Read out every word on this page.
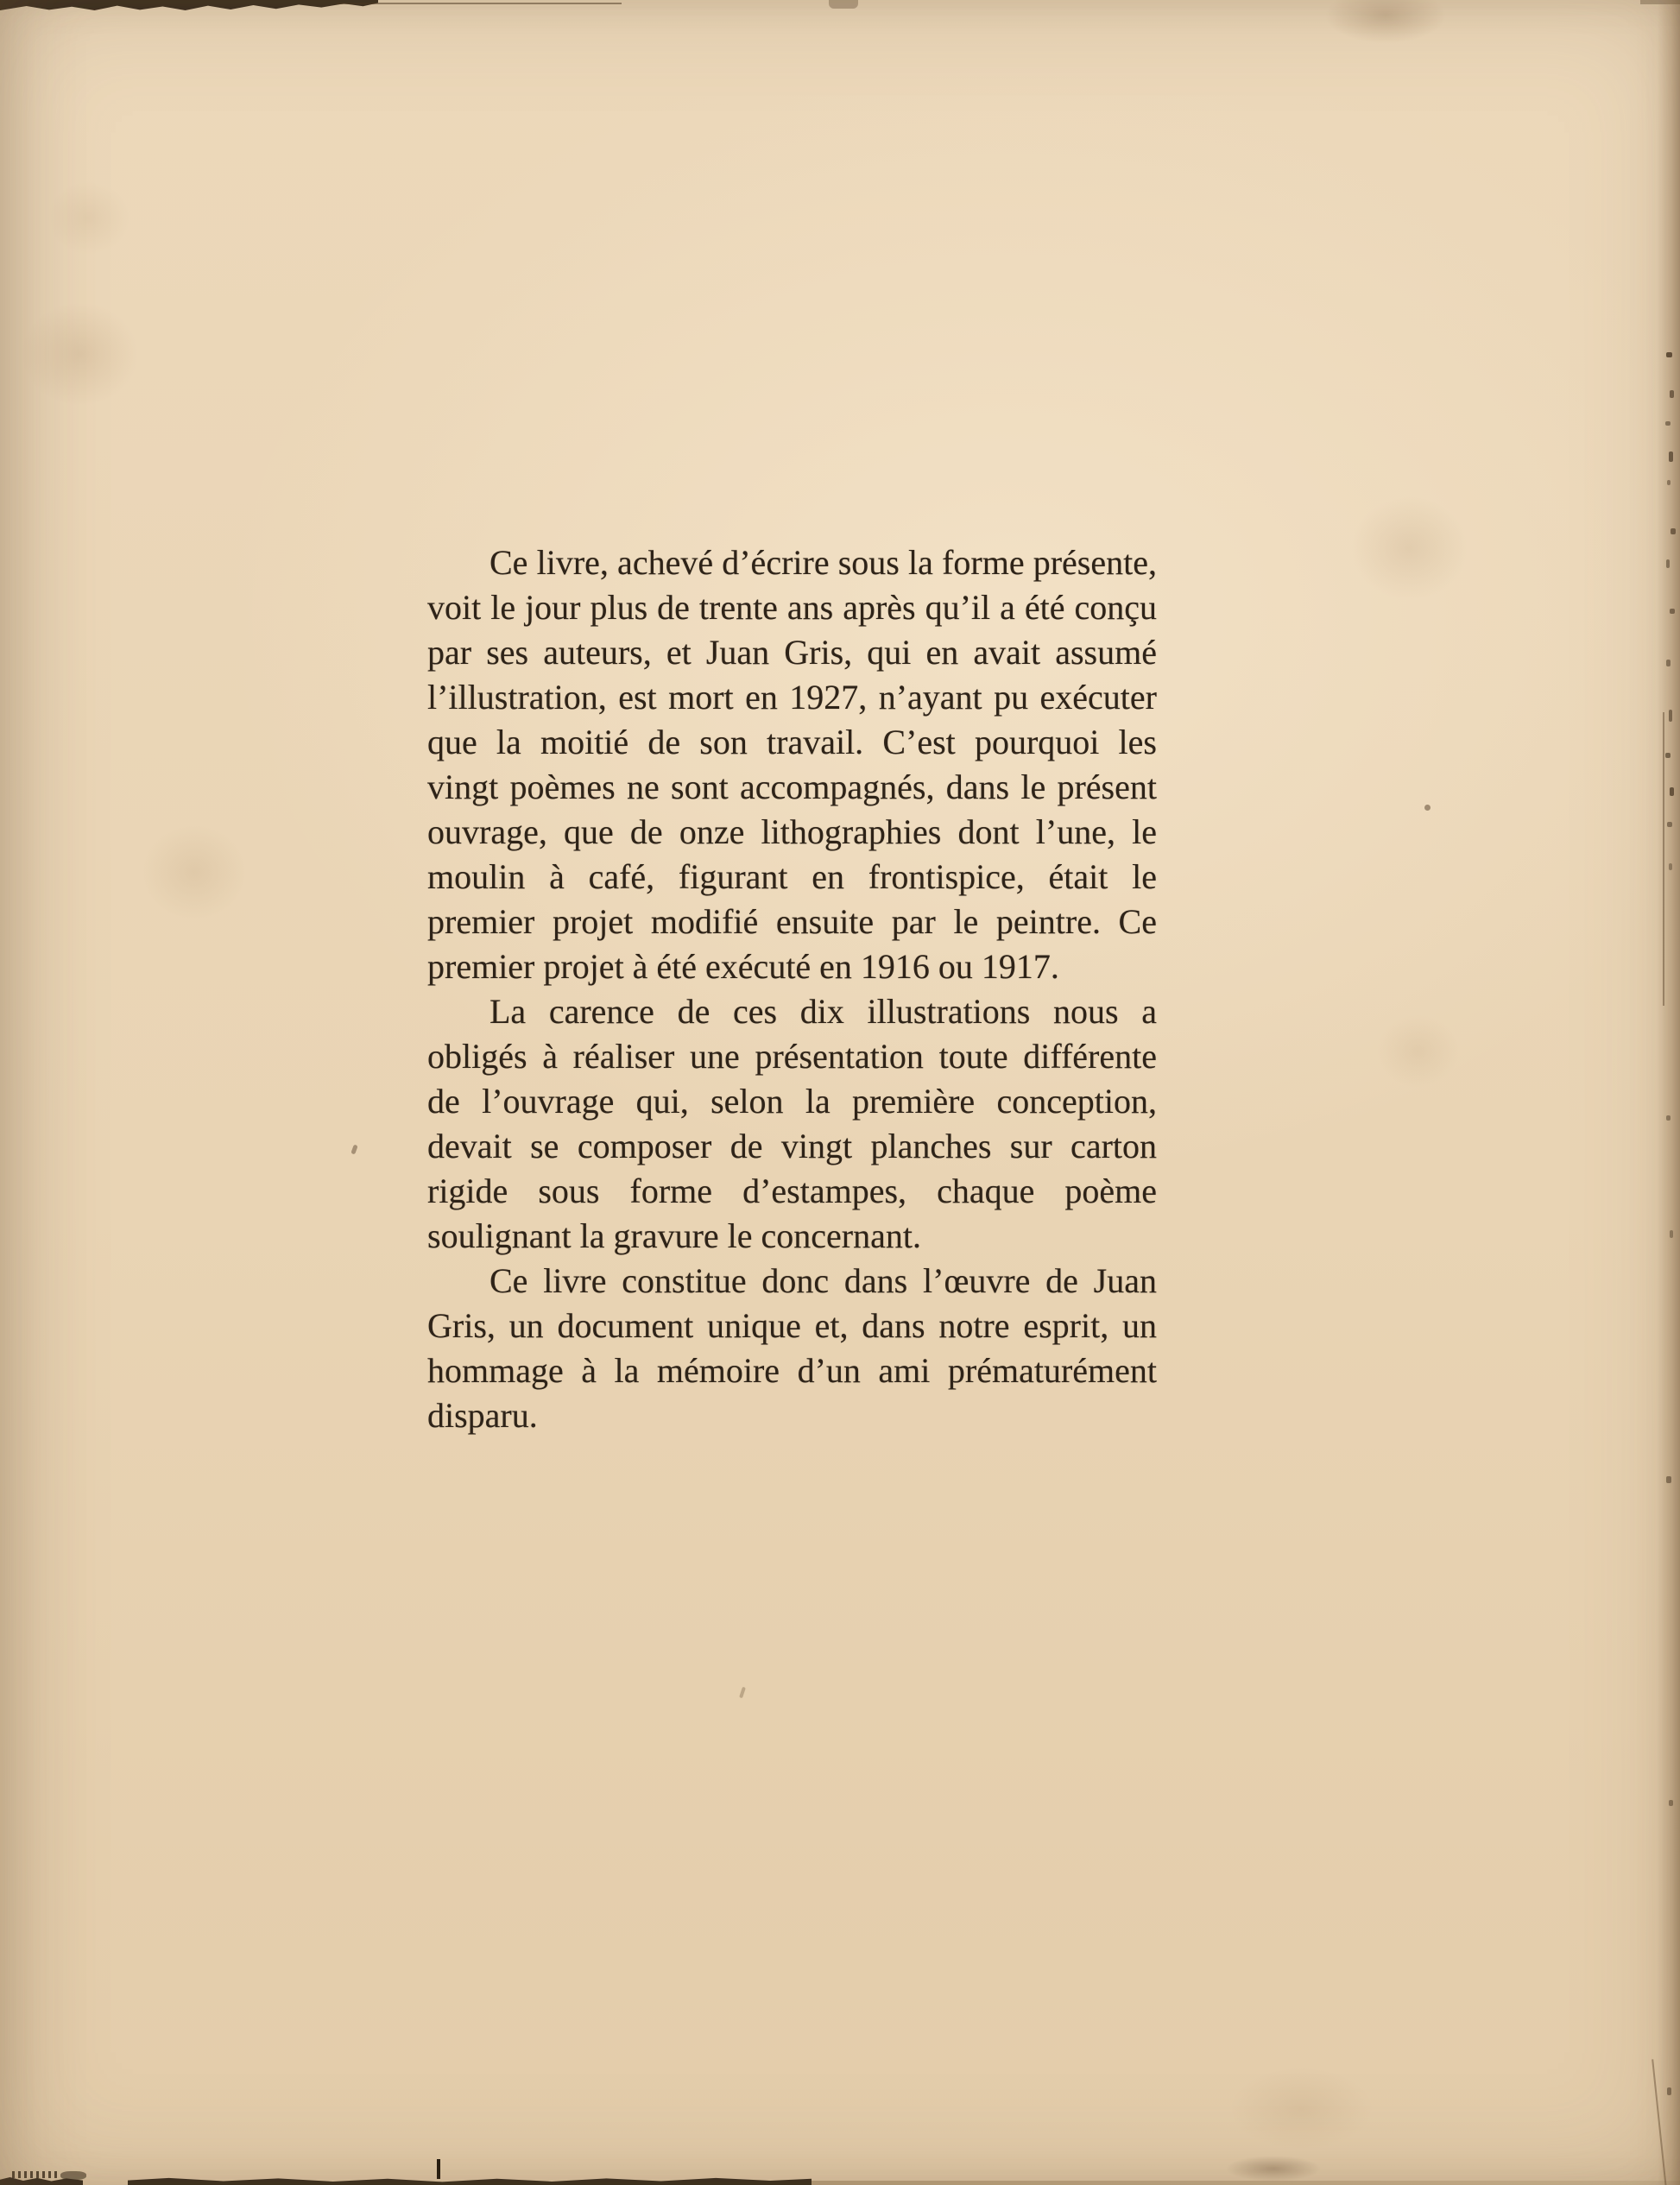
Ce livre, achevé d’écrire sous la forme présente,
voit le jour plus de trente ans après qu’il a été conçu
par ses auteurs, et Juan Gris, qui en avait assumé
l’illustration, est mort en 1927, n’ayant pu exécuter
que la moitié de son travail. C’est pourquoi les
vingt poèmes ne sont accompagnés, dans le présent
ouvrage, que de onze lithographies dont l’une, le
moulin à café, figurant en frontispice, était le
premier projet modifié ensuite par le peintre. Ce
premier projet à été exécuté en 1916 ou 1917.
La carence de ces dix illustrations nous a
obligés à réaliser une présentation toute différente
de l’ouvrage qui, selon la première conception,
devait se composer de vingt planches sur carton
rigide sous forme d’estampes, chaque poème
soulignant la gravure le concernant.
Ce livre constitue donc dans l’œuvre de Juan
Gris, un document unique et, dans notre esprit, un
hommage à la mémoire d’un ami prématurément
disparu.
